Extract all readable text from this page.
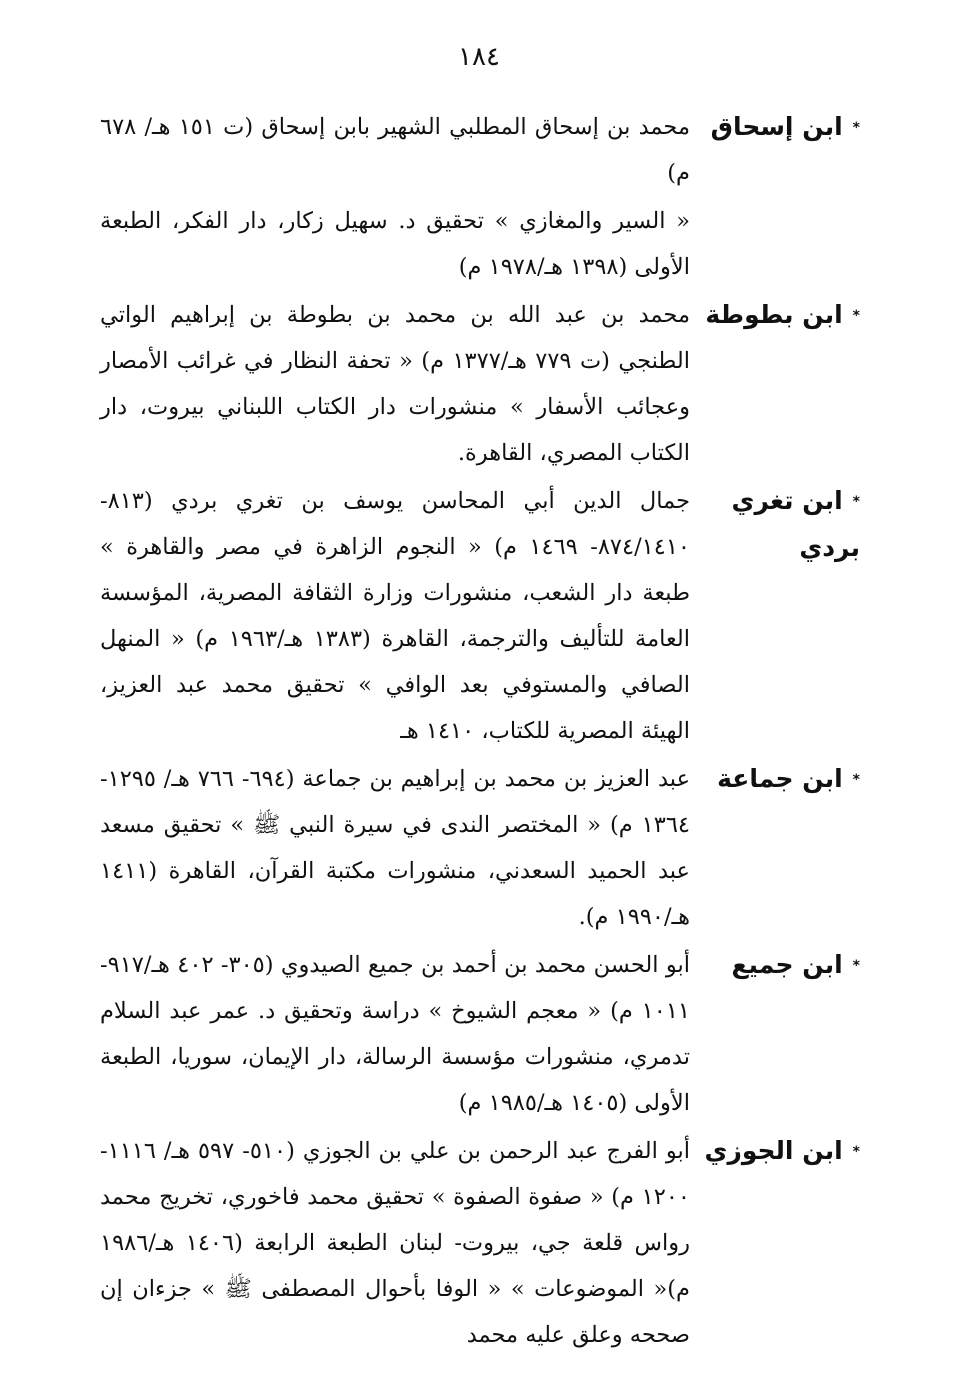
١٨٤
*ابن إسحاق

محمد بن إسحاق المطلبي الشهير بابن إسحاق (ت ١٥١ هـ/ ٦٧٨ م)

« السير والمغازي » تحقيق د. سهيل زكار، دار الفكر، الطبعة الأولى (١٣٩٨ هـ/١٩٧٨ م)

*ابن بطوطة

محمد بن عبد الله بن محمد بن بطوطة بن إبراهيم الواتي الطنجي (ت ٧٧٩ هـ/١٣٧٧ م) « تحفة النظار في غرائب الأمصار وعجائب الأسفار » منشورات دار الكتاب اللبناني بيروت، دار الكتاب المصري، القاهرة.

*ابن تغري بردي

جمال الدين أبي المحاسن يوسف بن تغري بردي (٨١٣- ٨٧٤/١٤١٠- ١٤٦٩ م) « النجوم الزاهرة في مصر والقاهرة » طبعة دار الشعب، منشورات وزارة الثقافة المصرية، المؤسسة العامة للتأليف والترجمة، القاهرة (١٣٨٣ هـ/١٩٦٣ م) « المنهل الصافي والمستوفي بعد الوافي » تحقيق محمد عبد العزيز، الهيئة المصرية للكتاب، ١٤١٠ هـ

*ابن جماعة

عبد العزيز بن محمد بن إبراهيم بن جماعة (٦٩٤- ٧٦٦ هـ/ ١٢٩٥- ١٣٦٤ م) « المختصر الندى في سيرة النبي ﷺ » تحقيق مسعد عبد الحميد السعدني، منشورات مكتبة القرآن، القاهرة (١٤١١ هـ/١٩٩٠ م).

*ابن جميع

أبو الحسن محمد بن أحمد بن جميع الصيدوي (٣٠٥- ٤٠٢ هـ/٩١٧- ١٠١١ م) « معجم الشيوخ » دراسة وتحقيق د. عمر عبد السلام تدمري، منشورات مؤسسة الرسالة، دار الإيمان، سوريا، الطبعة الأولى (١٤٠٥ هـ/١٩٨٥ م)

*ابن الجوزي

أبو الفرج عبد الرحمن بن علي بن الجوزي (٥١٠- ٥٩٧ هـ/ ١١١٦- ١٢٠٠ م) « صفوة الصفوة » تحقيق محمد فاخوري، تخريج محمد رواس قلعة جي، بيروت- لبنان الطبعة الرابعة (١٤٠٦ هـ/١٩٨٦ م)« الموضوعات » « الوفا بأحوال المصطفى ﷺ » جزءان إن صححه وعلق عليه محمد
